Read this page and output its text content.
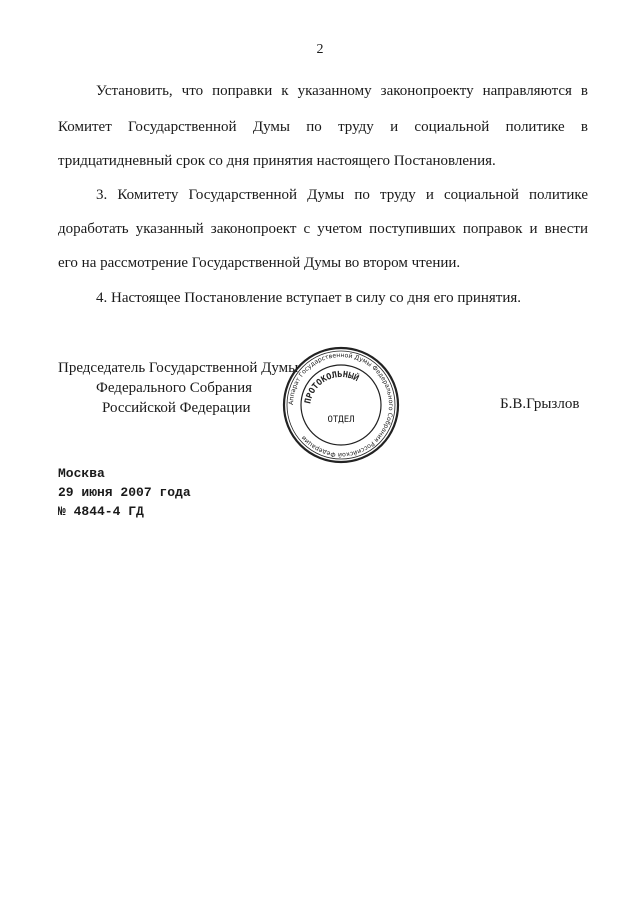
2
Установить, что поправки к указанному законопроекту направляются в
Комитет Государственной Думы по труду и социальной политике в
тридцатидневный срок со дня принятия настоящего Постановления.
3. Комитету Государственной Думы по труду и социальной политике
доработать указанный законопроект с учетом поступивших поправок и внести
его на рассмотрение Государственной Думы во втором чтении.
4. Настоящее Постановление вступает в силу со дня его принятия.
Председатель Государственной Думы
Федерального Собрания
Российской Федерации	Аппарат Государственной Думы Федерального Собрания Российской Федерации
ПРОТОКОЛЬНЫЙ
ОТДЕЛ
Б.В.Грызлов
Москва
29 июня 2007 года
№ 4844-4 ГД
